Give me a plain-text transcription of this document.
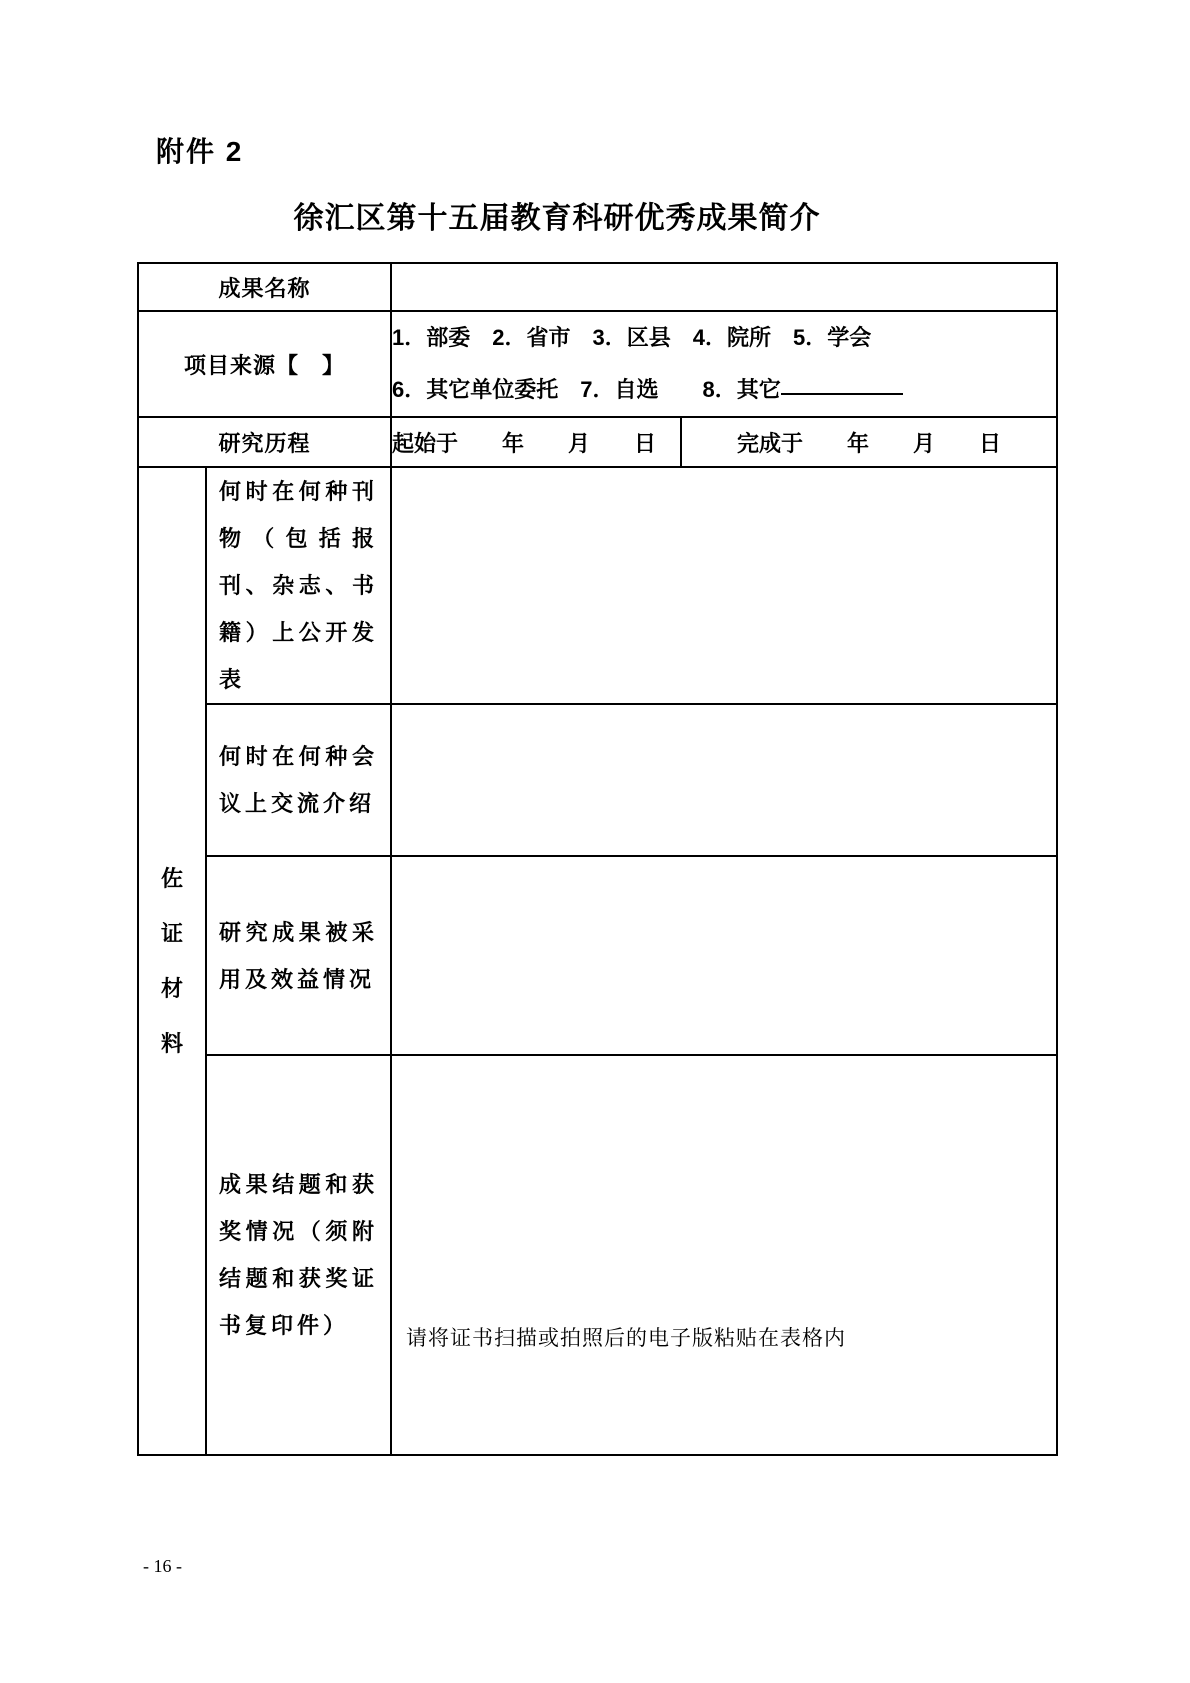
附件 2
徐汇区第十五届教育科研优秀成果简介
成果名称			
项目来源【　】		1．部委　2．省市　3．区县　4．院所　5．学会
6．其它单位委托　7．自选　　8．其它	

研究历程		起始于　　年　　月　　日	完成于　　年　　月　　日

佐证材料	何时在何种刊物（包括报刊、杂志、书籍）上公开发表		

	何时在何种会议上交流介绍		

	研究成果被采用及效益情况		

	成果结题和获奖情况（须附结题和获奖证书复印件）	请将证书扫描或拍照后的电子版粘贴在表格内	
- 16 -
